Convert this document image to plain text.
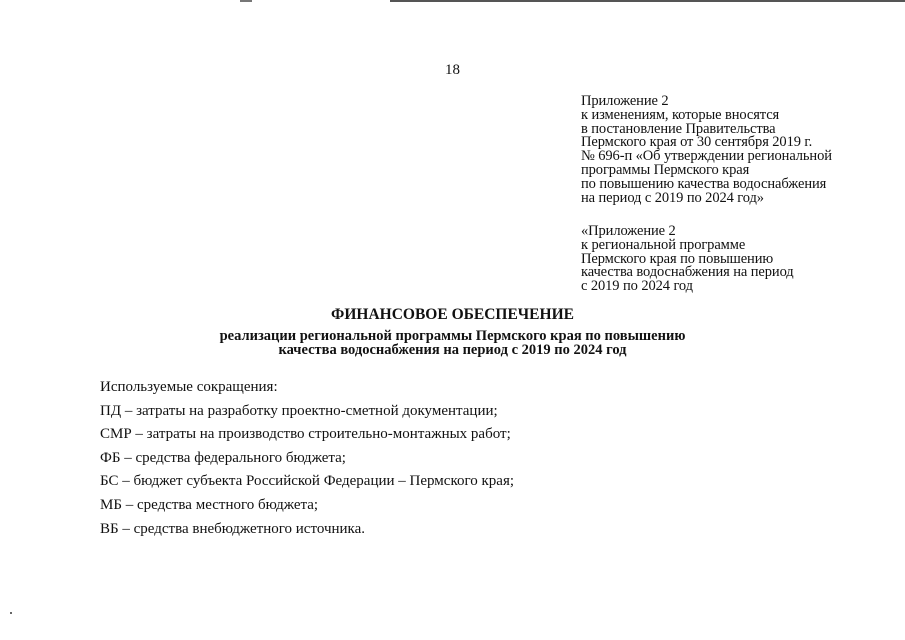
18
Приложение 2
к изменениям, которые вносятся
в постановление Правительства
Пермского края от 30 сентября 2019 г.
№ 696-п «Об утверждении региональной
программы Пермского края
по повышению качества водоснабжения
на период с 2019 по 2024 год»
«Приложение 2
к региональной программе
Пермского края по повышению
качества водоснабжения на период
с 2019 по 2024 год
ФИНАНСОВОЕ ОБЕСПЕЧЕНИЕ
реализации региональной программы Пермского края по повышению
качества водоснабжения на период с 2019 по 2024 год
Используемые сокращения:
ПД – затраты на разработку проектно-сметной документации;
СМР – затраты на производство строительно-монтажных работ;
ФБ – средства федерального бюджета;
БС – бюджет субъекта Российской Федерации – Пермского края;
МБ – средства местного бюджета;
ВБ – средства внебюджетного источника.
